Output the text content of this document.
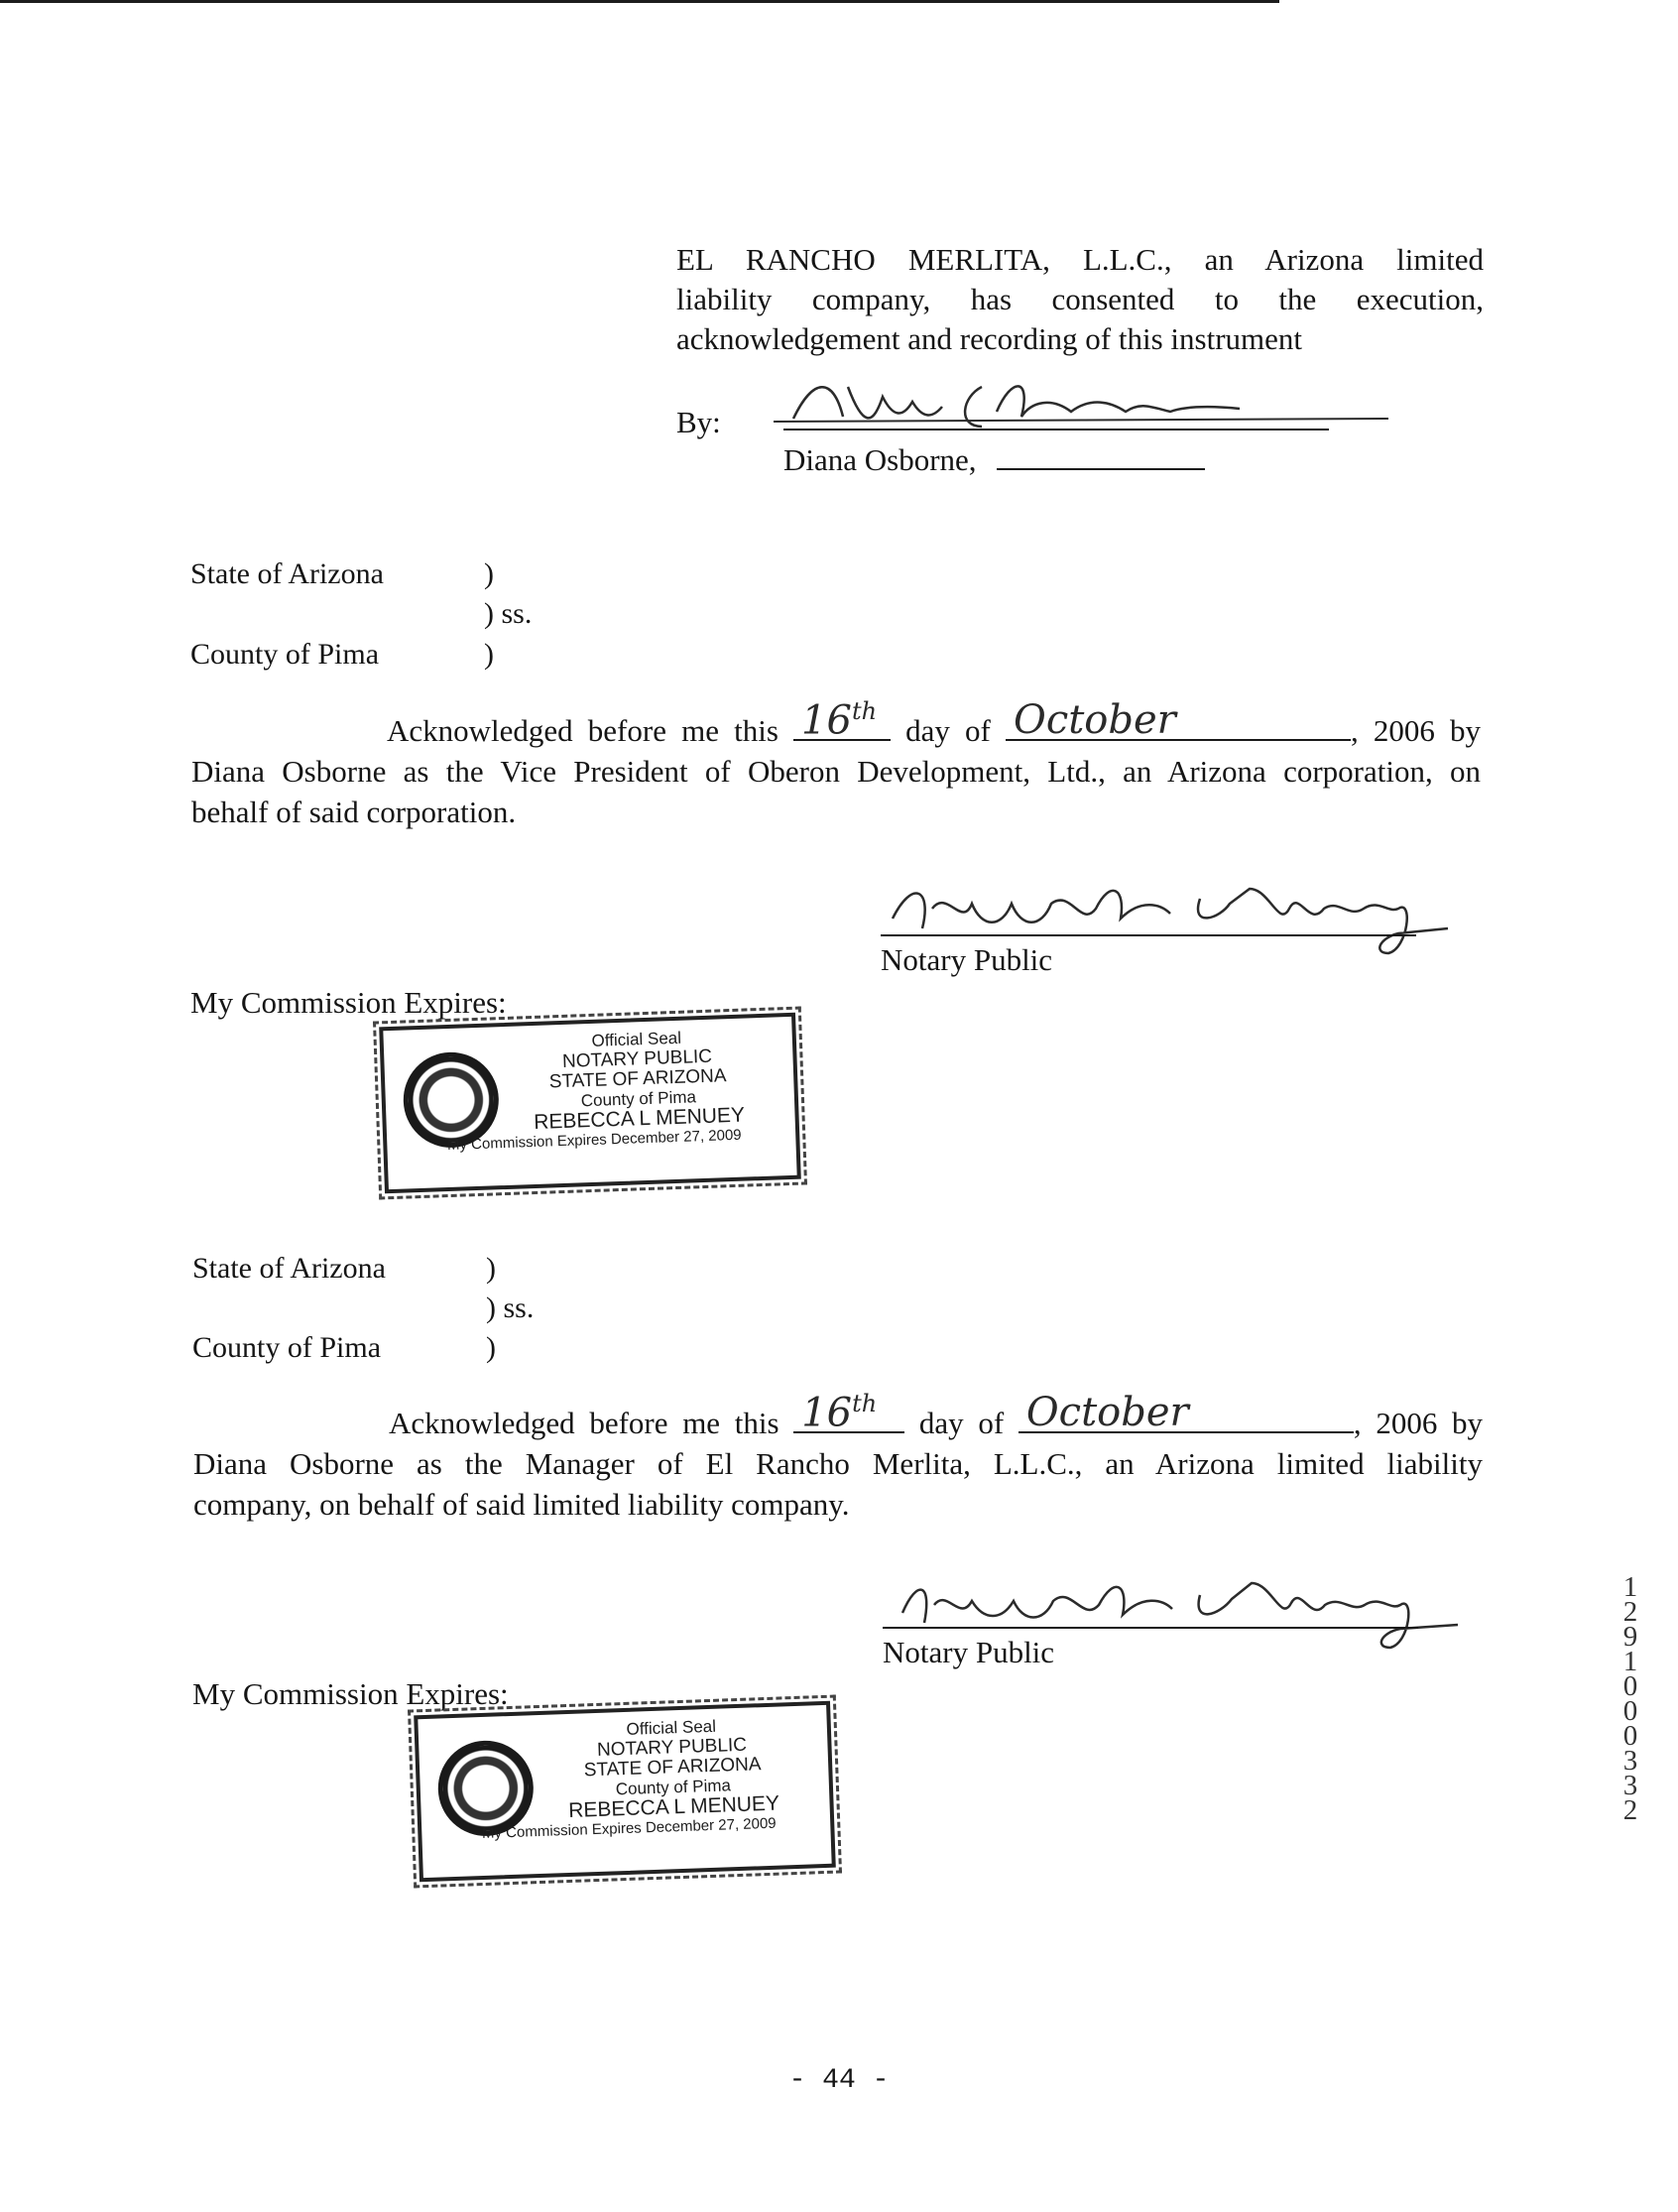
EL RANCHO MERLITA, L.L.C., an Arizona limited
liability company, has consented to the execution,
acknowledgement and recording of this instrument
By:
Diana Osborne,
State of Arizona	)
) ss.
County of Pima	)
Acknowledged before me this 16th
day of October	, 2006 by
Diana Osborne as the Vice President of Oberon Development, Ltd., an Arizona corporation, on
behalf of said corporation.
Notary Public
My Commission Expires:
Official Seal
NOTARY PUBLIC
STATE OF ARIZONA
County of Pima
REBECCA L MENUEY
My Commission Expires December 27, 2009
State of Arizona	)
) ss.
County of Pima	)
Acknowledged before me this 16th
day of October	, 2006 by
Diana Osborne as the Manager of El Rancho Merlita, L.L.C., an Arizona limited liability
company, on behalf of said limited liability company.
Notary Public
My Commission Expires:
Official Seal
NOTARY PUBLIC
STATE OF ARIZONA
County of Pima
REBECCA L MENUEY
My Commission Expires December 27, 2009
12910 00332
- 44 -
